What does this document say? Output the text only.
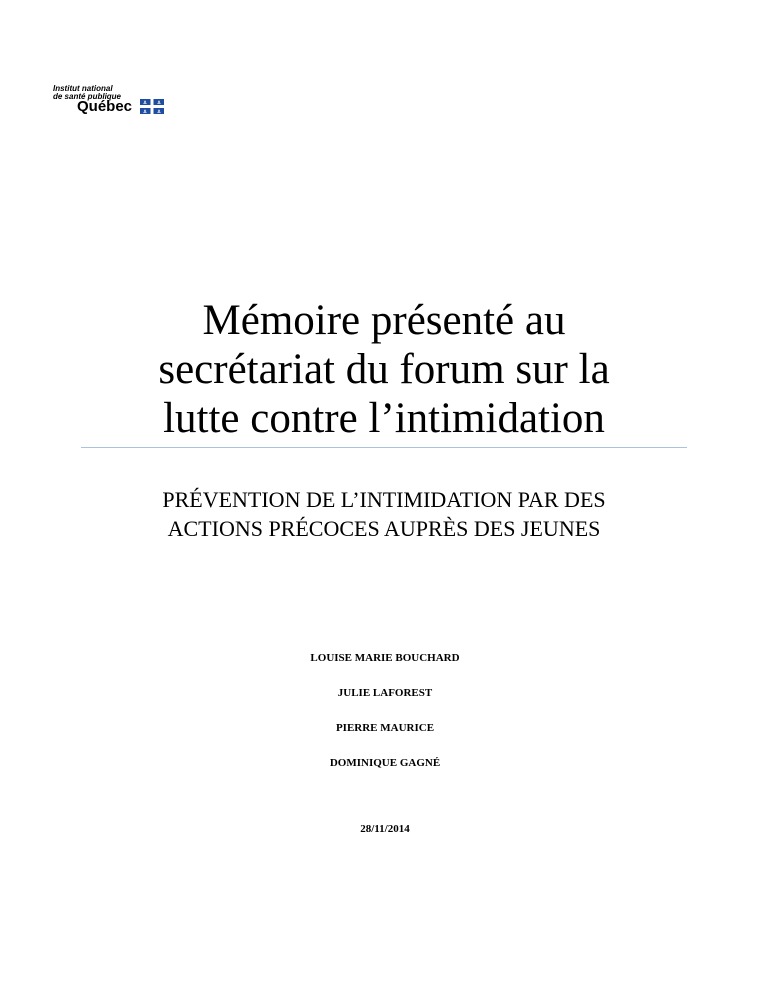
Institut national
de santé publique
Québec
Mémoire présenté au
secrétariat du forum sur la
lutte contre l’intimidation
PRÉVENTION DE L’INTIMIDATION PAR DES
ACTIONS PRÉCOCES AUPRÈS DES JEUNES
LOUISE MARIE BOUCHARD
JULIE LAFOREST
PIERRE MAURICE
DOMINIQUE GAGNÉ
28/11/2014
